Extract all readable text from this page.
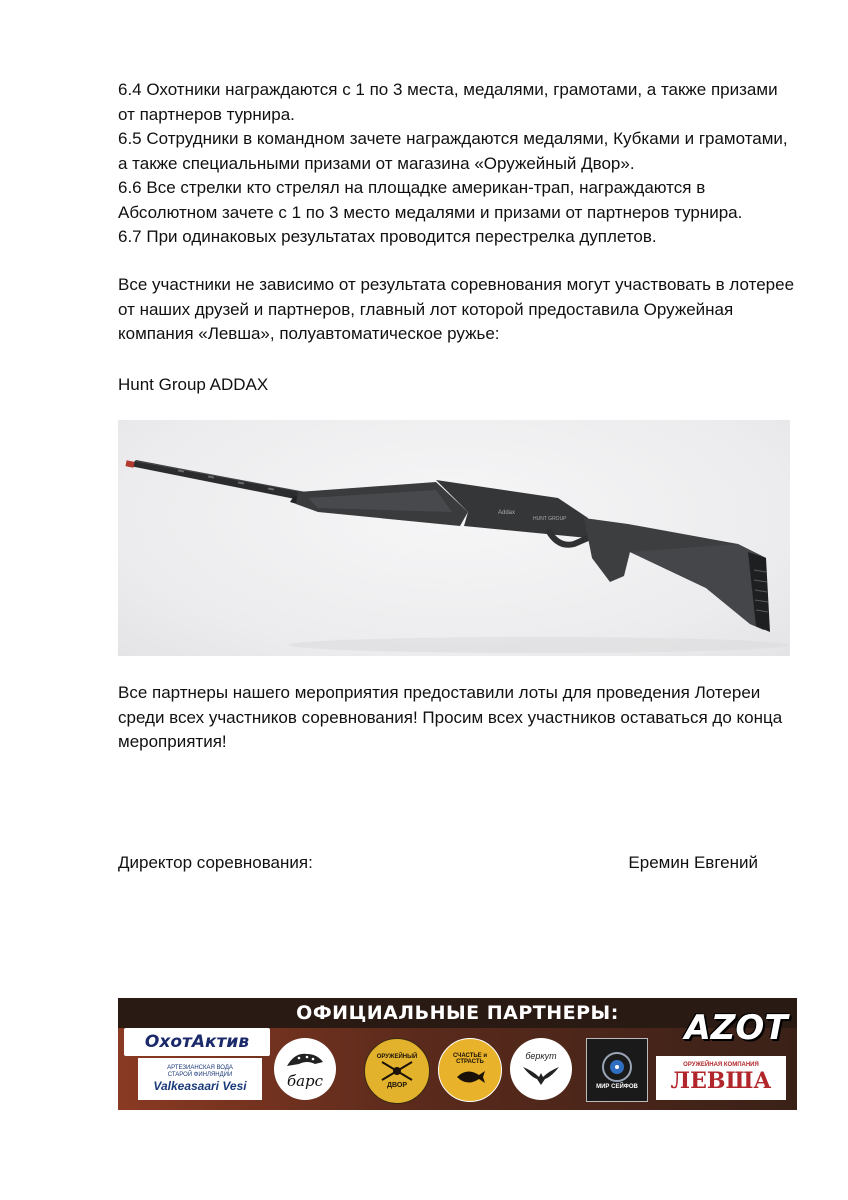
6.4 Охотники награждаются с 1 по 3 места, медалями, грамотами, а также призами от партнеров турнира.

6.5 Сотрудники в командном зачете награждаются медалями, Кубками и грамотами, а также специальными призами от магазина «Оружейный Двор».

6.6 Все стрелки кто стрелял на площадке американ-трап, награждаются в Абсолютном зачете с 1 по 3 место медалями и призами от партнеров турнира.

6.7 При одинаковых результатах проводится перестрелка дуплетов.

Все участники не зависимо от результата соревнования могут участвовать в лотерее от наших друзей и партнеров, главный лот которой предоставила Оружейная компания «Левша», полуавтоматическое ружье:

Hunt Group ADDAX
Addax
HUNT GROUP

Все партнеры нашего мероприятия предоставили лоты для проведения Лотереи среди всех участников соревнования! Просим всех участников оставаться до конца мероприятия!

Директор соревнования:	Еремин Евгений
ОФИЦИАЛЬНЫЕ ПАРТНЕРЫ:
ОхотАктив
АРТЕЗИАНСКАЯ ВОДА СТАРОЙ ФИНЛЯНДИИ
Valkeasaari Vesi	барс
ОРУЖЕЙНЫЙ
ДВОР
СЧАСТЬЕ и СТРАСТЬ
беркут
МИР СЕЙФОВ
AZOT
ОРУЖЕЙНАЯ КОМПАНИЯ
ЛЕВША
